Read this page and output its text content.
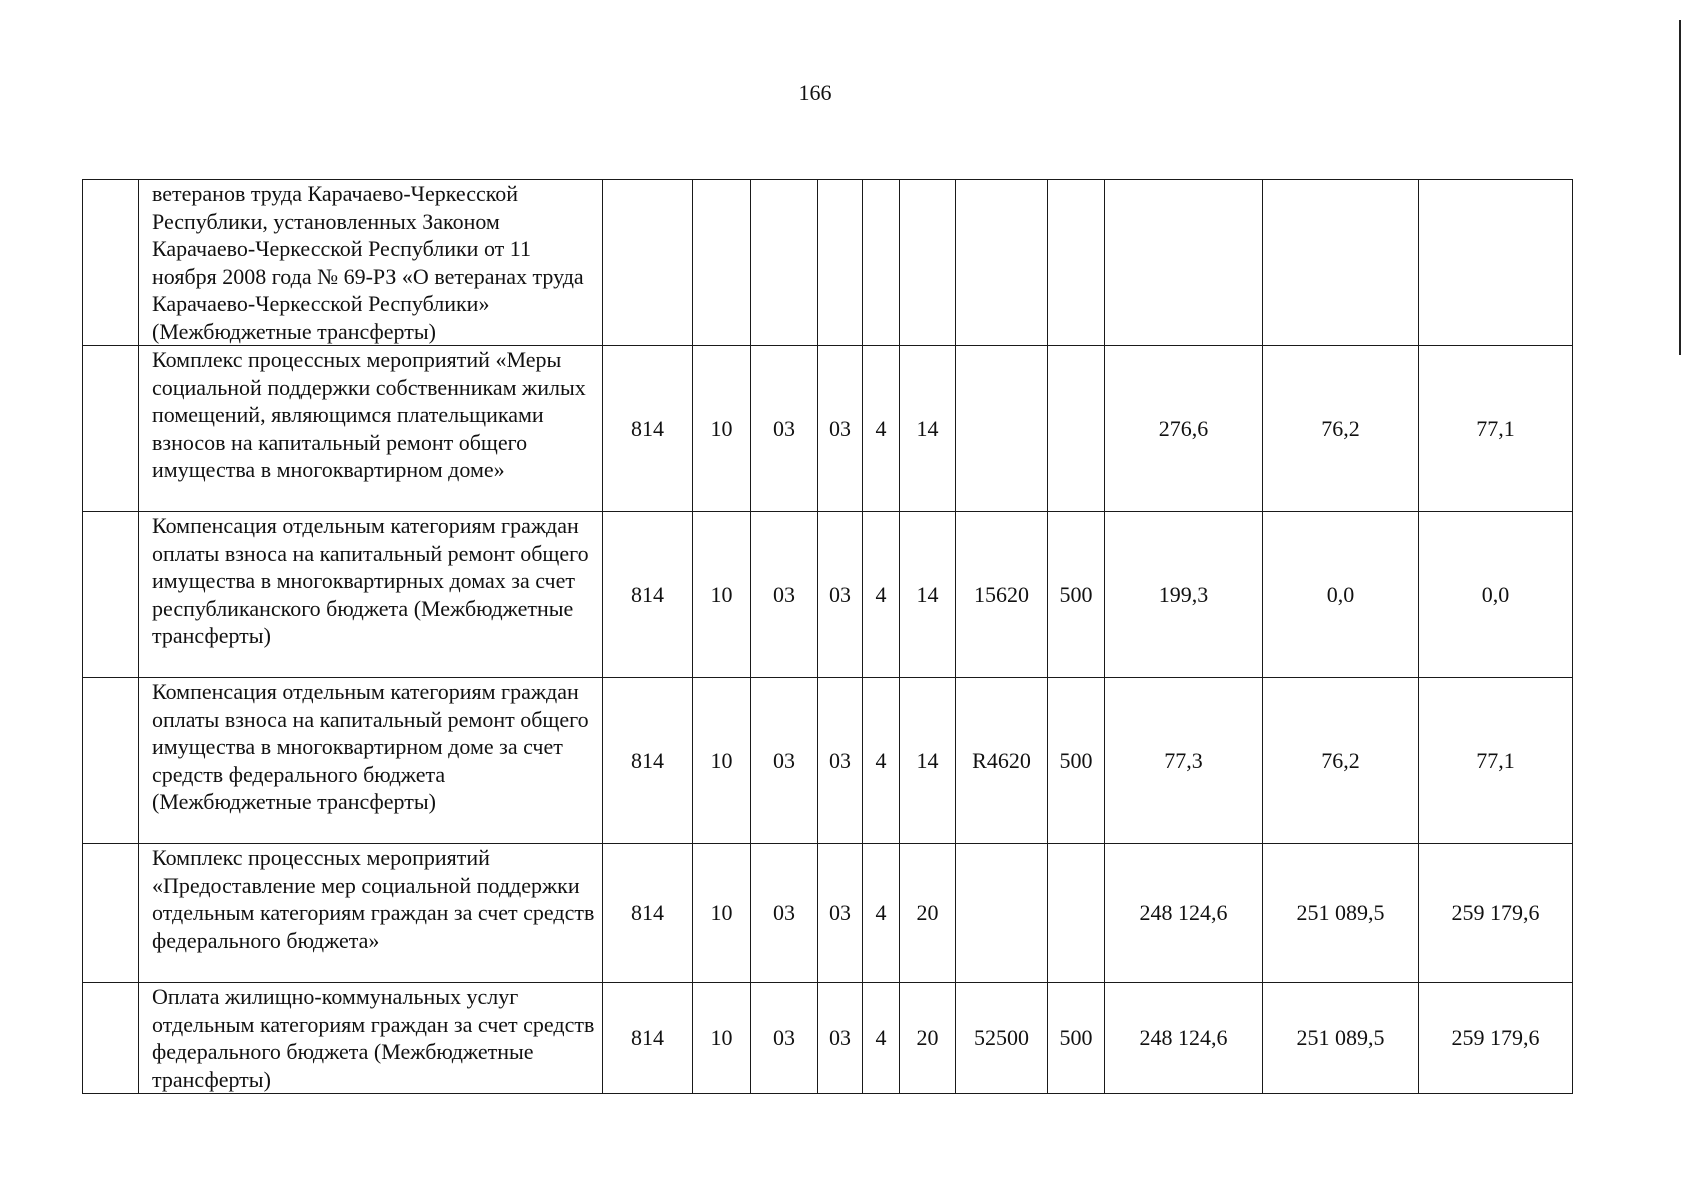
166
	ветеранов труда Карачаево-Черкесской Республики, установленных Законом Карачаево-Черкесской Республики от 11 ноября 2008 года № 69-РЗ «О ветеранах труда Карачаево-Черкесской Республики» (Межбюджетные трансферты)											
	Комплекс процессных мероприятий «Меры социальной поддержки собственникам жилых помещений, являющимся плательщиками взносов на капитальный ремонт общего имущества в многоквартирном доме»	814	10	03	03	4	14			276,6	76,2	77,1
	Компенсация отдельным категориям граждан оплаты взноса на капитальный ремонт общего имущества в многоквартирных домах за счет республиканского бюджета (Межбюджетные трансферты)	814	10	03	03	4	14	15620	500	199,3	0,0	0,0
	Компенсация отдельным категориям граждан оплаты взноса на капитальный ремонт общего имущества в многоквартирном доме за счет средств федерального бюджета (Межбюджетные трансферты)	814	10	03	03	4	14	R4620	500	77,3	76,2	77,1
	Комплекс процессных мероприятий «Предоставление мер социальной поддержки отдельным категориям граждан за счет средств федерального бюджета»	814	10	03	03	4	20			248 124,6	251 089,5	259 179,6
	Оплата жилищно-коммунальных услуг отдельным категориям граждан за счет средств федерального бюджета (Межбюджетные трансферты)	814	10	03	03	4	20	52500	500	248 124,6	251 089,5	259 179,6
